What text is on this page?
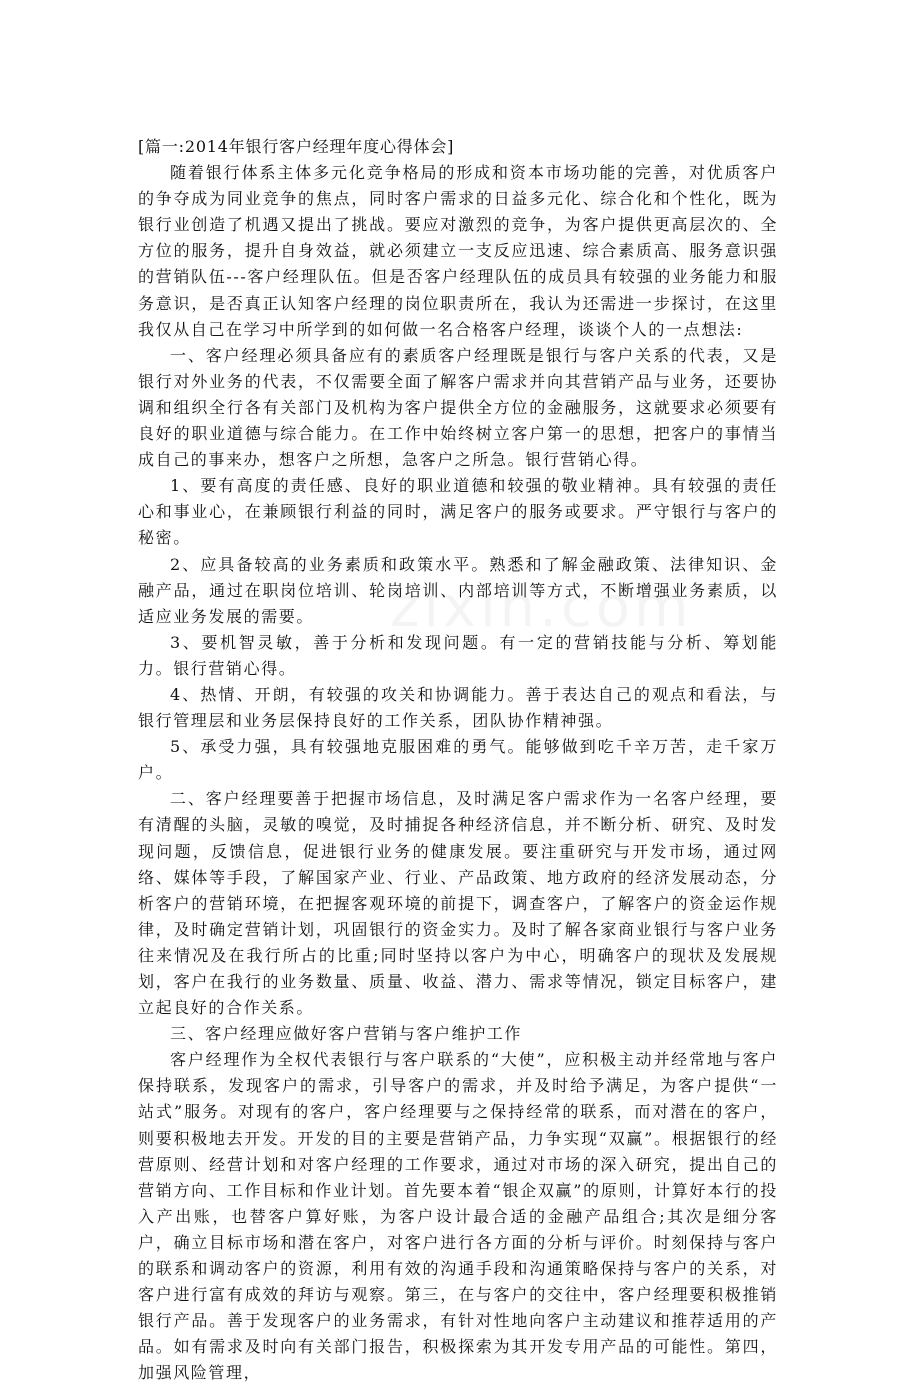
[篇一:2014年银行客户经理年度心得体会]

随着银行体系主体多元化竞争格局的形成和资本市场功能的完善，对优质客户的争夺成为同业竞争的焦点，同时客户需求的日益多元化、综合化和个性化，既为银行业创造了机遇又提出了挑战。要应对激烈的竞争，为客户提供更高层次的、全方位的服务，提升自身效益，就必须建立一支反应迅速、综合素质高、服务意识强的营销队伍---客户经理队伍。但是否客户经理队伍的成员具有较强的业务能力和服务意识，是否真正认知客户经理的岗位职责所在，我认为还需进一步探讨，在这里我仅从自己在学习中所学到的如何做一名合格客户经理，谈谈个人的一点想法:

一、客户经理必须具备应有的素质客户经理既是银行与客户关系的代表，又是银行对外业务的代表，不仅需要全面了解客户需求并向其营销产品与业务，还要协调和组织全行各有关部门及机构为客户提供全方位的金融服务，这就要求必须要有良好的职业道德与综合能力。在工作中始终树立客户第一的思想，把客户的事情当成自己的事来办，想客户之所想，急客户之所急。银行营销心得。

1、要有高度的责任感、良好的职业道德和较强的敬业精神。具有较强的责任心和事业心，在兼顾银行利益的同时，满足客户的服务或要求。严守银行与客户的秘密。

2、应具备较高的业务素质和政策水平。熟悉和了解金融政策、法律知识、金融产品，通过在职岗位培训、轮岗培训、内部培训等方式，不断增强业务素质，以适应业务发展的需要。

3、要机智灵敏，善于分析和发现问题。有一定的营销技能与分析、筹划能力。银行营销心得。

4、热情、开朗，有较强的攻关和协调能力。善于表达自己的观点和看法，与银行管理层和业务层保持良好的工作关系，团队协作精神强。

5、承受力强，具有较强地克服困难的勇气。能够做到吃千辛万苦，走千家万户。

二、客户经理要善于把握市场信息，及时满足客户需求作为一名客户经理，要有清醒的头脑，灵敏的嗅觉，及时捕捉各种经济信息，并不断分析、研究、及时发现问题，反馈信息，促进银行业务的健康发展。要注重研究与开发市场，通过网络、媒体等手段，了解国家产业、行业、产品政策、地方政府的经济发展动态，分析客户的营销环境，在把握客观环境的前提下，调查客户，了解客户的资金运作规律，及时确定营销计划，巩固银行的资金实力。及时了解各家商业银行与客户业务往来情况及在我行所占的比重;同时坚持以客户为中心，明确客户的现状及发展规划，客户在我行的业务数量、质量、收益、潜力、需求等情况，锁定目标客户，建立起良好的合作关系。

三、客户经理应做好客户营销与客户维护工作

客户经理作为全权代表银行与客户联系的“大使”，应积极主动并经常地与客户保持联系，发现客户的需求，引导客户的需求，并及时给予满足，为客户提供“一站式”服务。对现有的客户，客户经理要与之保持经常的联系，而对潜在的客户，则要积极地去开发。开发的目的主要是营销产品，力争实现“双赢”。根据银行的经营原则、经营计划和对客户经理的工作要求，通过对市场的深入研究，提出自己的营销方向、工作目标和作业计划。首先要本着“银企双赢”的原则，计算好本行的投入产出账，也替客户算好账，为客户设计最合适的金融产品组合;其次是细分客户，确立目标市场和潜在客户，对客户进行各方面的分析与评价。时刻保持与客户的联系和调动客户的资源，利用有效的沟通手段和沟通策略保持与客户的关系，对客户进行富有成效的拜访与观察。第三，在与客户的交往中，客户经理要积极推销银行产品。善于发现客户的业务需求，有针对性地向客户主动建议和推荐适用的产品。如有需求及时向有关部门报告，积极探索为其开发专用产品的可能性。第四，加强风险管理，
